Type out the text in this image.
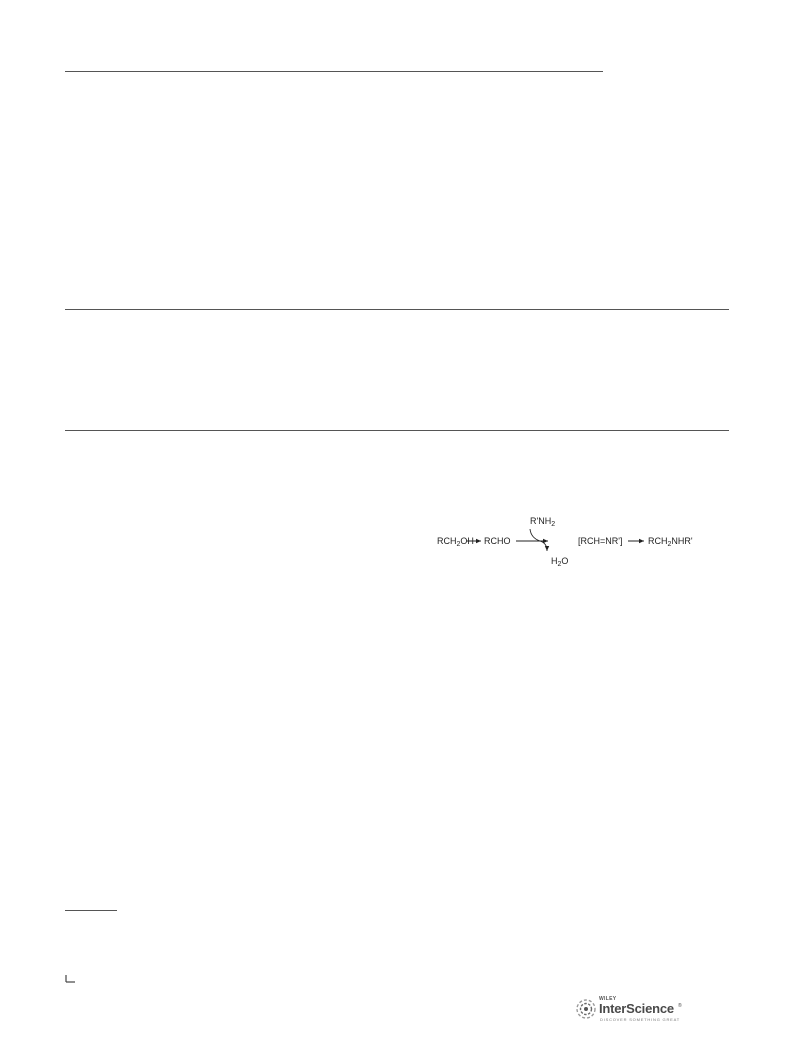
$RCH_2OH$ RCHO
$R'NH_2$
$H_2O$
[RCH=NR']	$RCH_2NHR'$
WILEY
InterScience ®
DISCOVER SOMETHING GREAT
